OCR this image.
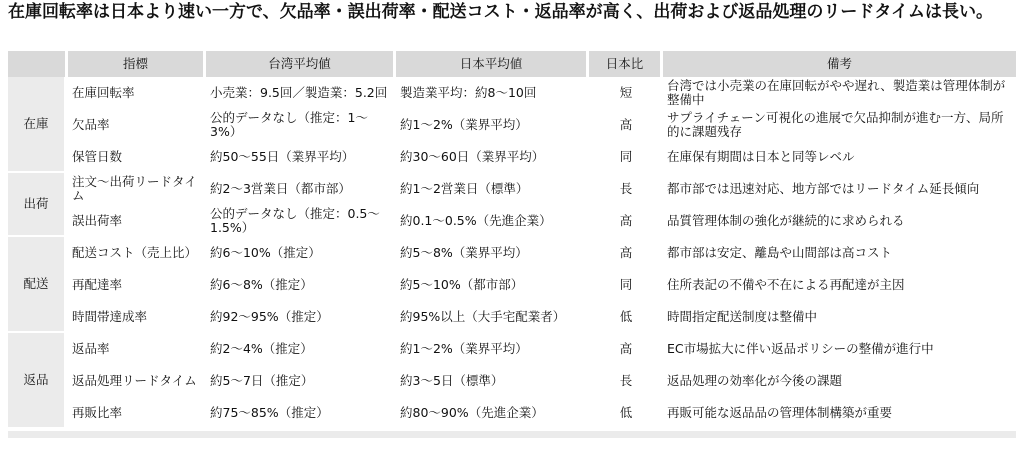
在庫回転率は日本より速い一方で、欠品率・誤出荷率・配送コスト・返品率が高く、出荷および返品処理のリードタイムは長い。
	指標	台湾平均値	日本平均値	日本比	備考
在庫	在庫回転率	小売業：9.5回／製造業：5.2回	製造業平均：約8～10回	短	台湾では小売業の在庫回転がやや遅れ、製造業は管理体制が整備中
	欠品率	公的データなし（推定：1～3%）	約1～2%（業界平均）	高	サプライチェーン可視化の進展で欠品抑制が進む一方、局所的に課題残存
	保管日数	約50～55日（業界平均）	約30～60日（業界平均）	同	在庫保有期間は日本と同等レベル
出荷	注文～出荷リードタイム	約2～3営業日（都市部）	約1～2営業日（標準）	長	都市部では迅速対応、地方部ではリードタイム延長傾向
	誤出荷率	公的データなし（推定：0.5～1.5%）	約0.1～0.5%（先進企業）	高	品質管理体制の強化が継続的に求められる
配送	配送コスト（売上比）	約6～10%（推定）	約5～8%（業界平均）	高	都市部は安定、離島や山間部は高コスト
	再配達率	約6～8%（推定）	約5～10%（都市部）	同	住所表記の不備や不在による再配達が主因
	時間帯達成率	約92～95%（推定）	約95%以上（大手宅配業者）	低	時間指定配送制度は整備中
返品	返品率	約2～4%（推定）	約1～2%（業界平均）	高	EC市場拡大に伴い返品ポリシーの整備が進行中
	返品処理リードタイム	約5～7日（推定）	約3～5日（標準）	長	返品処理の効率化が今後の課題
	再販比率	約75～85%（推定）	約80～90%（先進企業）	低	再販可能な返品品の管理体制構築が重要
